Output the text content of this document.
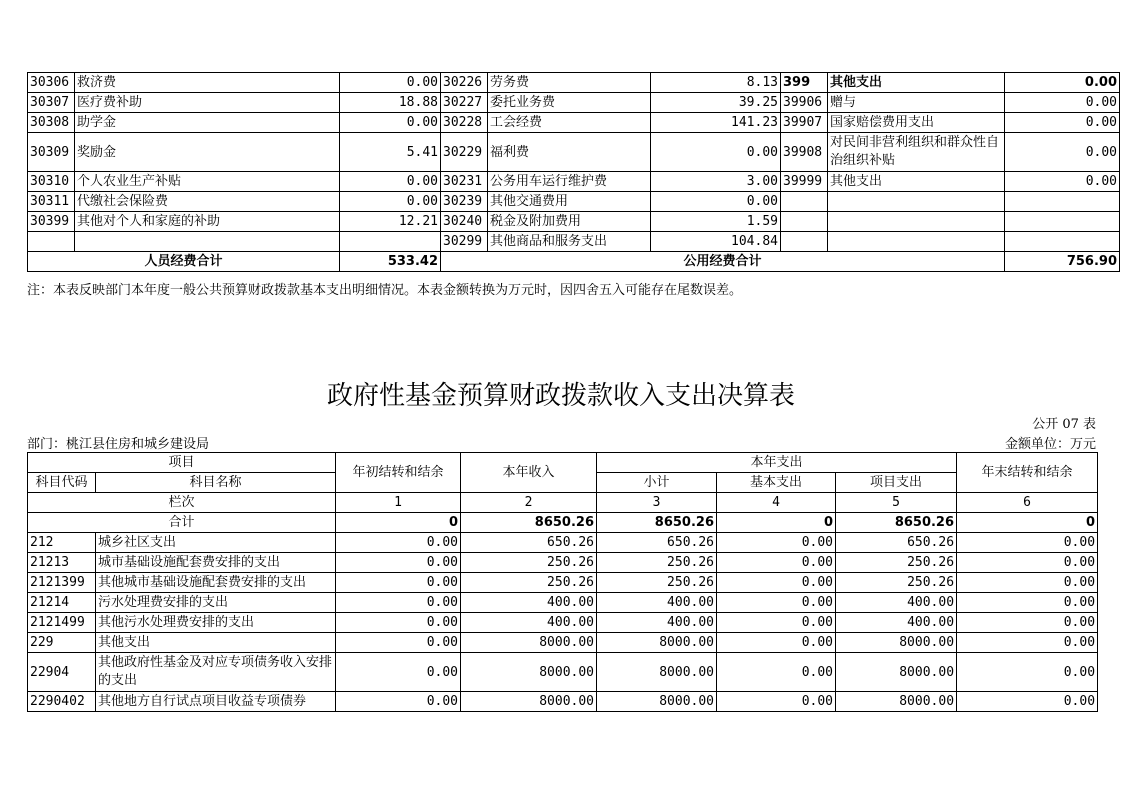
30306	救济费	0.00	30226	劳务费	8.13	399	其他支出	0.00
30307	医疗费补助	18.88	30227	委托业务费	39.25	39906	赠与	0.00
30308	助学金	0.00	30228	工会经费	141.23	39907	国家赔偿费用支出	0.00
30309	奖励金	5.41	30229	福利费	0.00	39908	对民间非营利组织和群众性自治组织补贴	0.00
30310	个人农业生产补贴	0.00	30231	公务用车运行维护费	3.00	39999	其他支出	0.00
30311	代缴社会保险费	0.00	30239	其他交通费用	0.00			
30399	其他对个人和家庭的补助	12.21	30240	税金及附加费用	1.59			
			30299	其他商品和服务支出	104.84			
人员经费合计		533.42	公用经费合计					756.90
注：本表反映部门本年度一般公共预算财政拨款基本支出明细情况。本表金额转换为万元时，因四舍五入可能存在尾数误差。
政府性基金预算财政拨款收入支出决算表
公开 07 表
部门：桃江县住房和城乡建设局	金额单位：万元
项目		年初结转和结余	本年收入	本年支出			年末结转和结余
科目代码	科目名称			小计	基本支出	项目支出	
栏次		1	2	3	4	5	6
合计		0	8650.26	8650.26	0	8650.26	0
212	城乡社区支出	0.00	650.26	650.26	0.00	650.26	0.00
21213	城市基础设施配套费安排的支出	0.00	250.26	250.26	0.00	250.26	0.00
2121399	其他城市基础设施配套费安排的支出	0.00	250.26	250.26	0.00	250.26	0.00
21214	污水处理费安排的支出	0.00	400.00	400.00	0.00	400.00	0.00
2121499	其他污水处理费安排的支出	0.00	400.00	400.00	0.00	400.00	0.00
229	其他支出	0.00	8000.00	8000.00	0.00	8000.00	0.00
22904	其他政府性基金及对应专项债务收入安排的支出	0.00	8000.00	8000.00	0.00	8000.00	0.00
2290402	其他地方自行试点项目收益专项债券	0.00	8000.00	8000.00	0.00	8000.00	0.00
